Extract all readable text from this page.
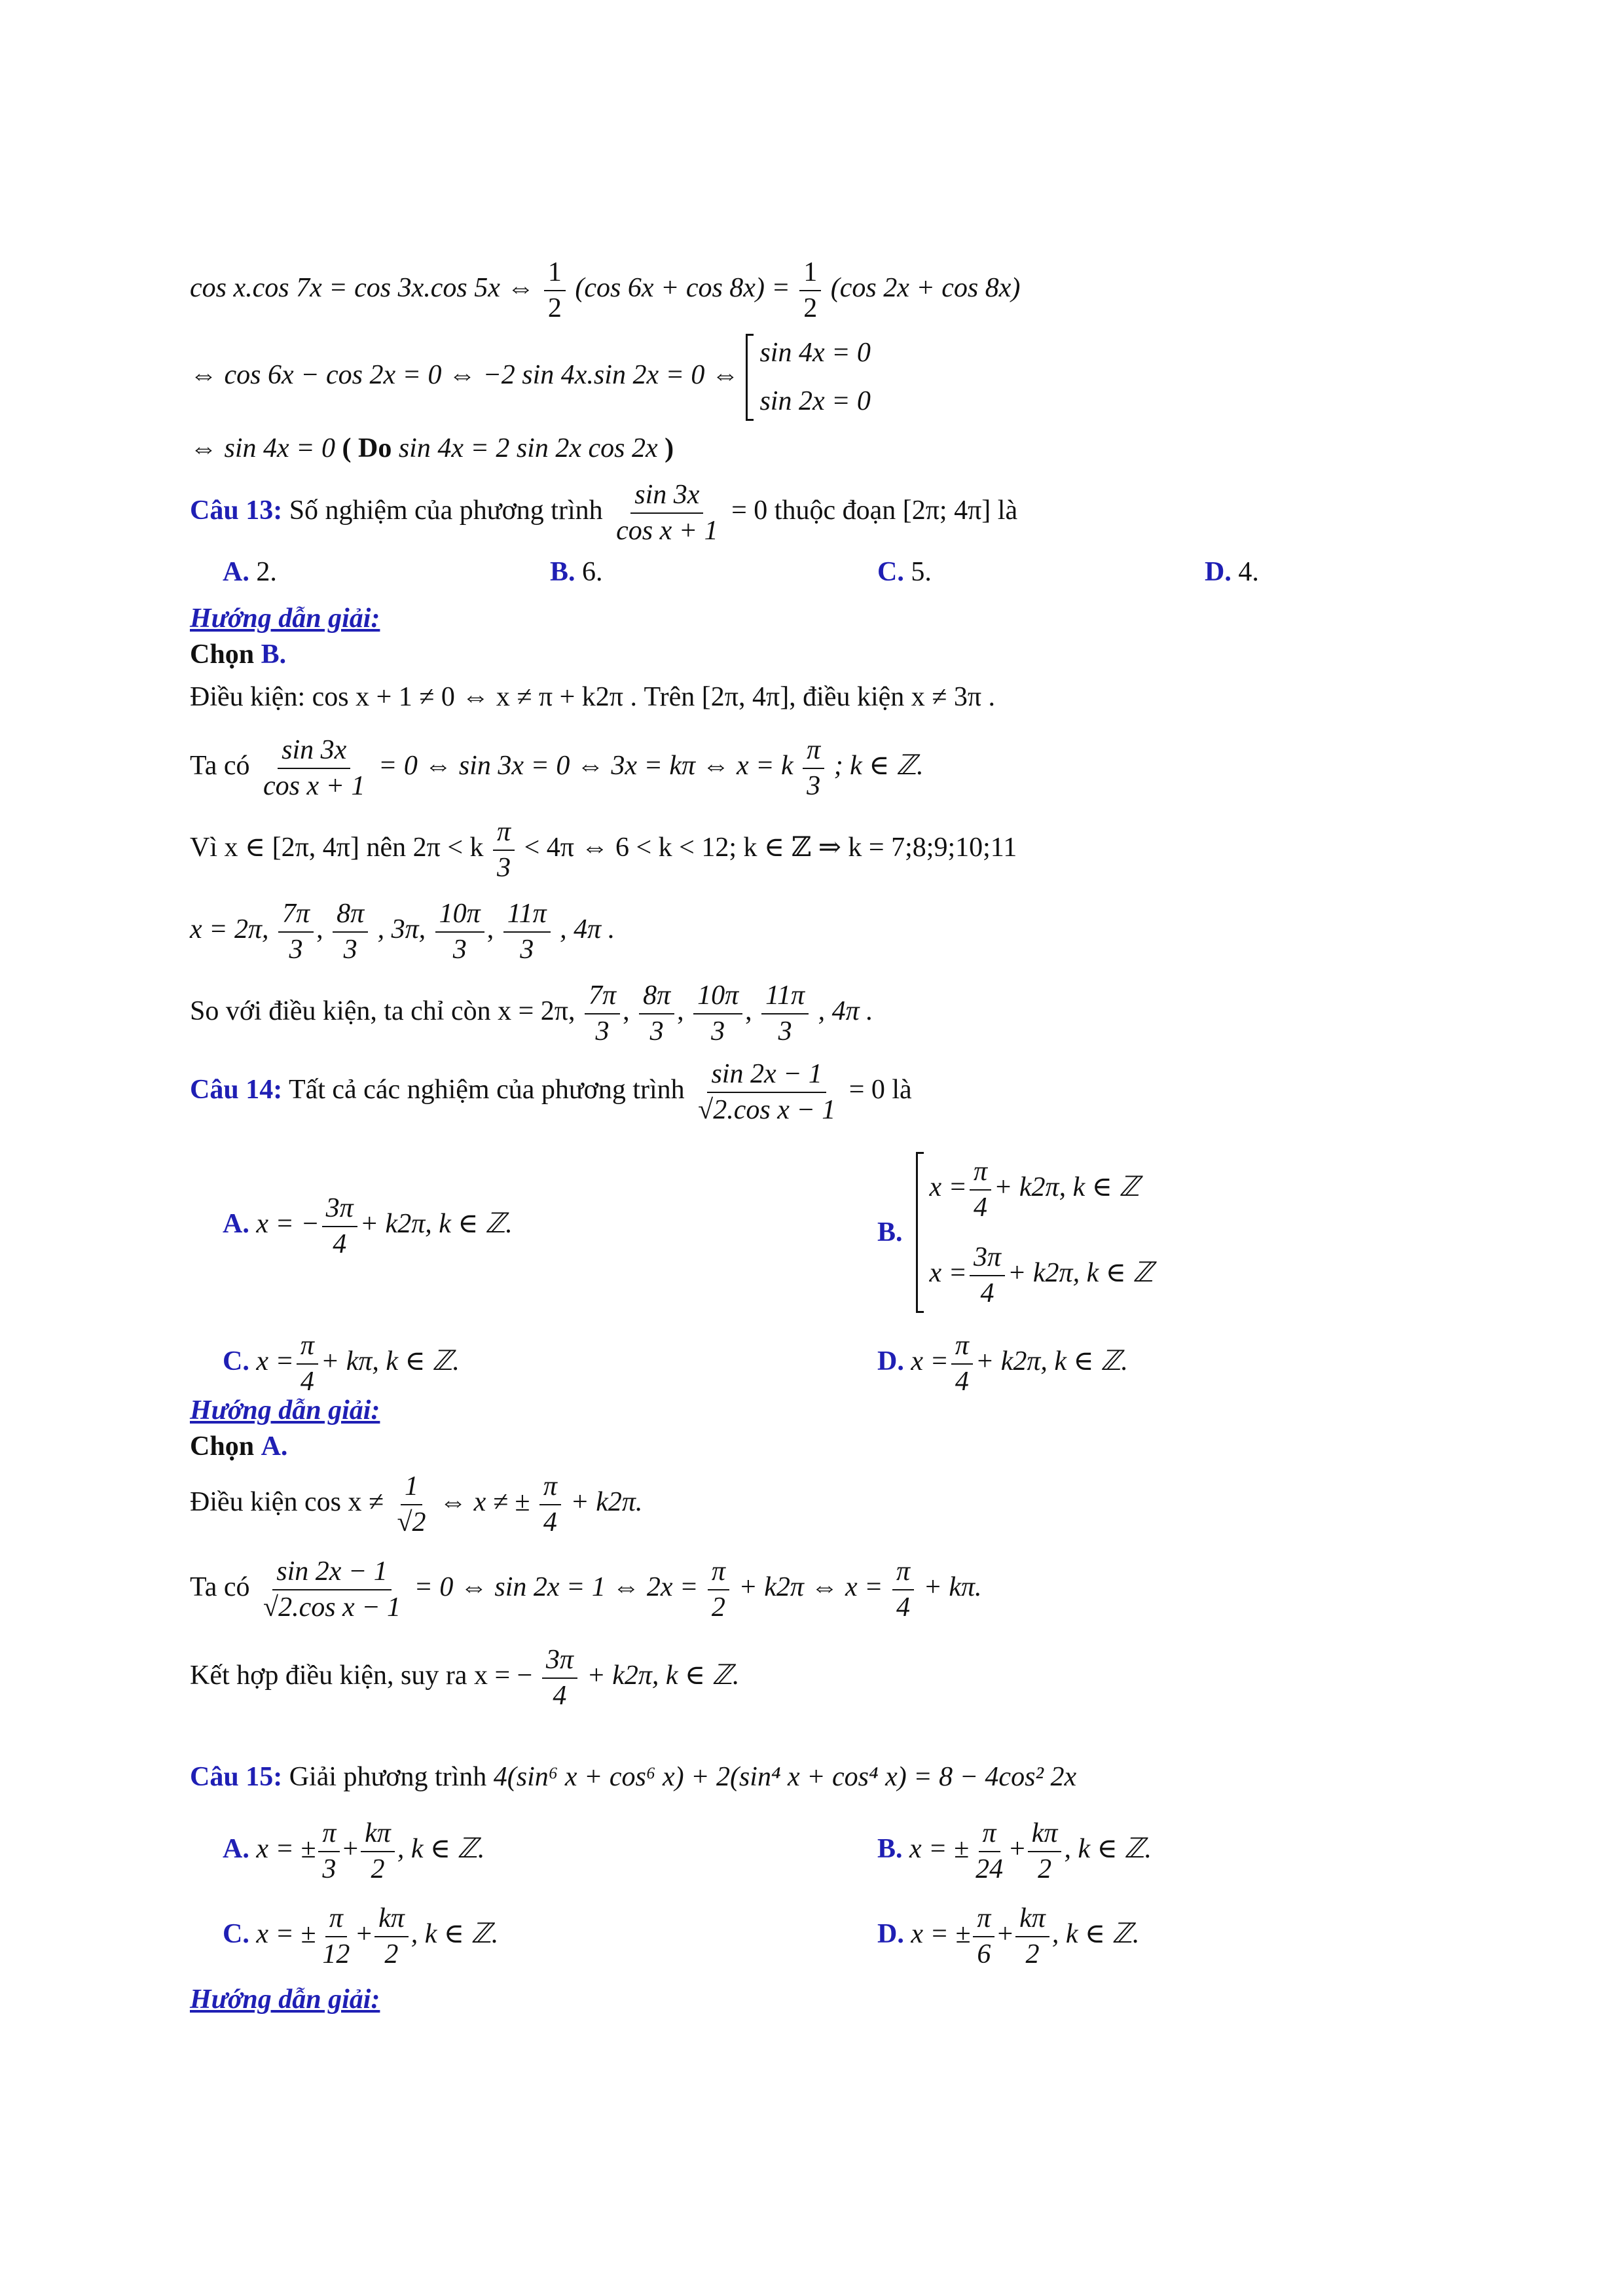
cos x.cos 7x = cos 3x.cos 5x ⇔ $\frac{1}{2} (\cos$ $6x + \cos 8x) = \frac{1}{2} (\cos$ 2x + cos 8x)
⇔ cos 6x − cos 2x = 0 ⇔ −2 sin 4x.sin 2x = 0 ⇔
sin 4x = 0
sin 2x = 0
⇔ sin 4x = 0 ( Do sin 4x = 2 sin 2x cos 2x )
Câu 13: Số nghiệm của phương trình $\frac{\sin 3x}{\text{cos x + 1}} = 0$ thuộc đoạn [2π; 4π] là
A. 2.	B. 6.	C. 5.	D. 4.
Hướng dẫn giải:
Chọn B.
Điều kiện: cos x + 1 ≠ 0 ⇔ x ≠ π + k2π . Trên [2π, 4π], điều kiện x ≠ 3π .
Ta có $\frac{\sin 3x}{\text{cos x + 1}} = 0$ ⇔ sin 3x = 0 ⇔ 3x = kπ ⇔ x = k $\frac{\pi}{3}$ ; k ∈ ℤ.
Vì x ∈ [2π, 4π] nên 2π < k $\frac{\pi}{3} < 4\pi$ ⇔ 6 < k < 12; k ∈ ℤ ⇒ k = 7;8;9;10;11
x = 2π, $\frac{7\pi}{3}$ , $\frac{8\pi}{3}$ , 3π, $\frac{10\pi}{3}$ , $\frac{11\pi}{3}$ , 4π .
So với điều kiện, ta chỉ còn x = 2π, $\frac{7\pi}{3}$ , $\frac{8\pi}{3}$ , $\frac{10\pi}{3}$ , $\frac{11\pi}{3}$ , 4π .
Câu 14: Tất cả các nghiệm của phương trình $\frac{\sin 2x - 1}{\text{√2.cos x − 1}} = 0$ là
A. x = − $\frac{3\pi}{4} + k2\pi$, k ∈ ℤ.	B.
$x = \frac{\pi}{4} + k2\pi$, k ∈ ℤ
$x = \frac{3\pi}{4} + k2\pi$, k ∈ ℤ
C. $x = \frac{\pi}{4} + k\pi$, k ∈ ℤ.	D. $x = \frac{\pi}{4} + k2\pi$, k ∈ ℤ.
Hướng dẫn giải:
Chọn A.
Điều kiện $\cos x \ne \frac{1}{√2}$ ⇔ x ≠ ± $\frac{\pi}{4} + k2\pi$.
Ta có $\frac{\sin 2x - 1}{\text{√2.cos x − 1}} = 0$ ⇔ sin 2x = 1 ⇔ $2x = \frac{\pi}{2} + k2\pi$ ⇔ $x = \frac{\pi}{4} + k\pi$.
Kết hợp điều kiện, suy ra x = − $\frac{3\pi}{4} + k2\pi$, k ∈ ℤ.
Câu 15: Giải phương trình 4(sin⁶ x + cos⁶ x) + 2(sin⁴ x + cos⁴ x) = 8 − 4cos² 2x
A. x = ± $\frac{\pi}{3} + \frac{k\pi}{2}$ , k ∈ ℤ.	B. x = ± $\frac{\pi}{24} + \frac{k\pi}{2}$ , k ∈ ℤ.
C. x = ± $\frac{\pi}{12} + \frac{k\pi}{2}$ , k ∈ ℤ.	D. x = ± $\frac{\pi}{6} + \frac{k\pi}{2}$ , k ∈ ℤ.
Hướng dẫn giải:
